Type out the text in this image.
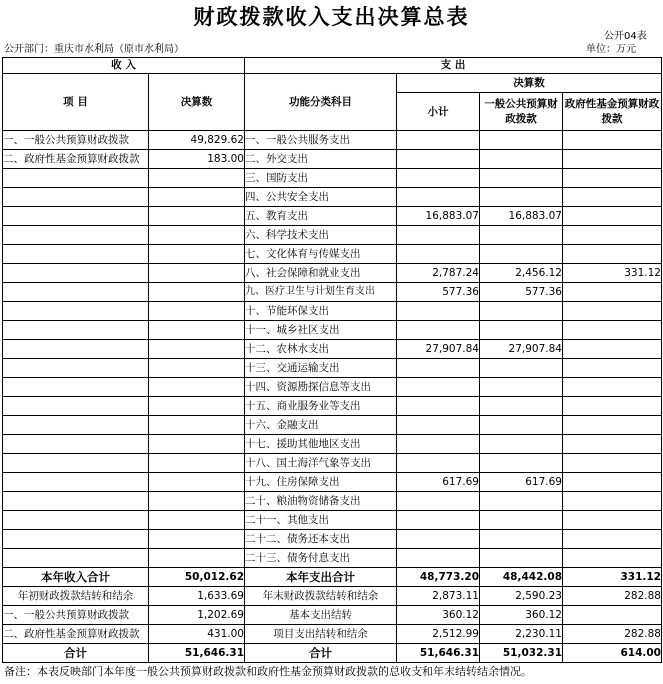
财政拨款收入支出决算总表
公开04表
公开部门：重庆市水利局（原市水利局）	单位：万元
收 入		支 出			
项 目	决算数	功能分类科目	决算数		
			小计	一般公共预算财政拨款	政府性基金预算财政拨款
一、一般公共预算财政拨款	49,829.62	一、一般公共服务支出			
二、政府性基金预算财政拨款	183.00	二、外交支出			
		三、国防支出			
		四、公共安全支出			
		五、教育支出	16,883.07	16,883.07	
		六、科学技术支出			
		七、文化体育与传媒支出			
		八、社会保障和就业支出	2,787.24	2,456.12	331.12
		九、医疗卫生与计划生育支出	577.36	577.36	
		十、节能环保支出			
		十一、城乡社区支出			
		十二、农林水支出	27,907.84	27,907.84	
		十三、交通运输支出			
		十四、资源勘探信息等支出			
		十五、商业服务业等支出			
		十六、金融支出			
		十七、援助其他地区支出			
		十八、国土海洋气象等支出			
		十九、住房保障支出	617.69	617.69	
		二十、粮油物资储备支出			
		二十一、其他支出			
		二十二、债务还本支出			
		二十三、债务付息支出			
本年收入合计	50,012.62	本年支出合计	48,773.20	48,442.08	331.12
年初财政拨款结转和结余	1,633.69	年末财政拨款结转和结余	2,873.11	2,590.23	282.88
一、一般公共预算财政拨款	1,202.69	基本支出结转	360.12	360.12	
二、政府性基金预算财政拨款	431.00	项目支出结转和结余	2,512.99	2,230.11	282.88
合计	51,646.31	合计	51,646.31	51,032.31	614.00
备注：本表反映部门本年度一般公共预算财政拨款和政府性基金预算财政拨款的总收支和年末结转结余情况。
